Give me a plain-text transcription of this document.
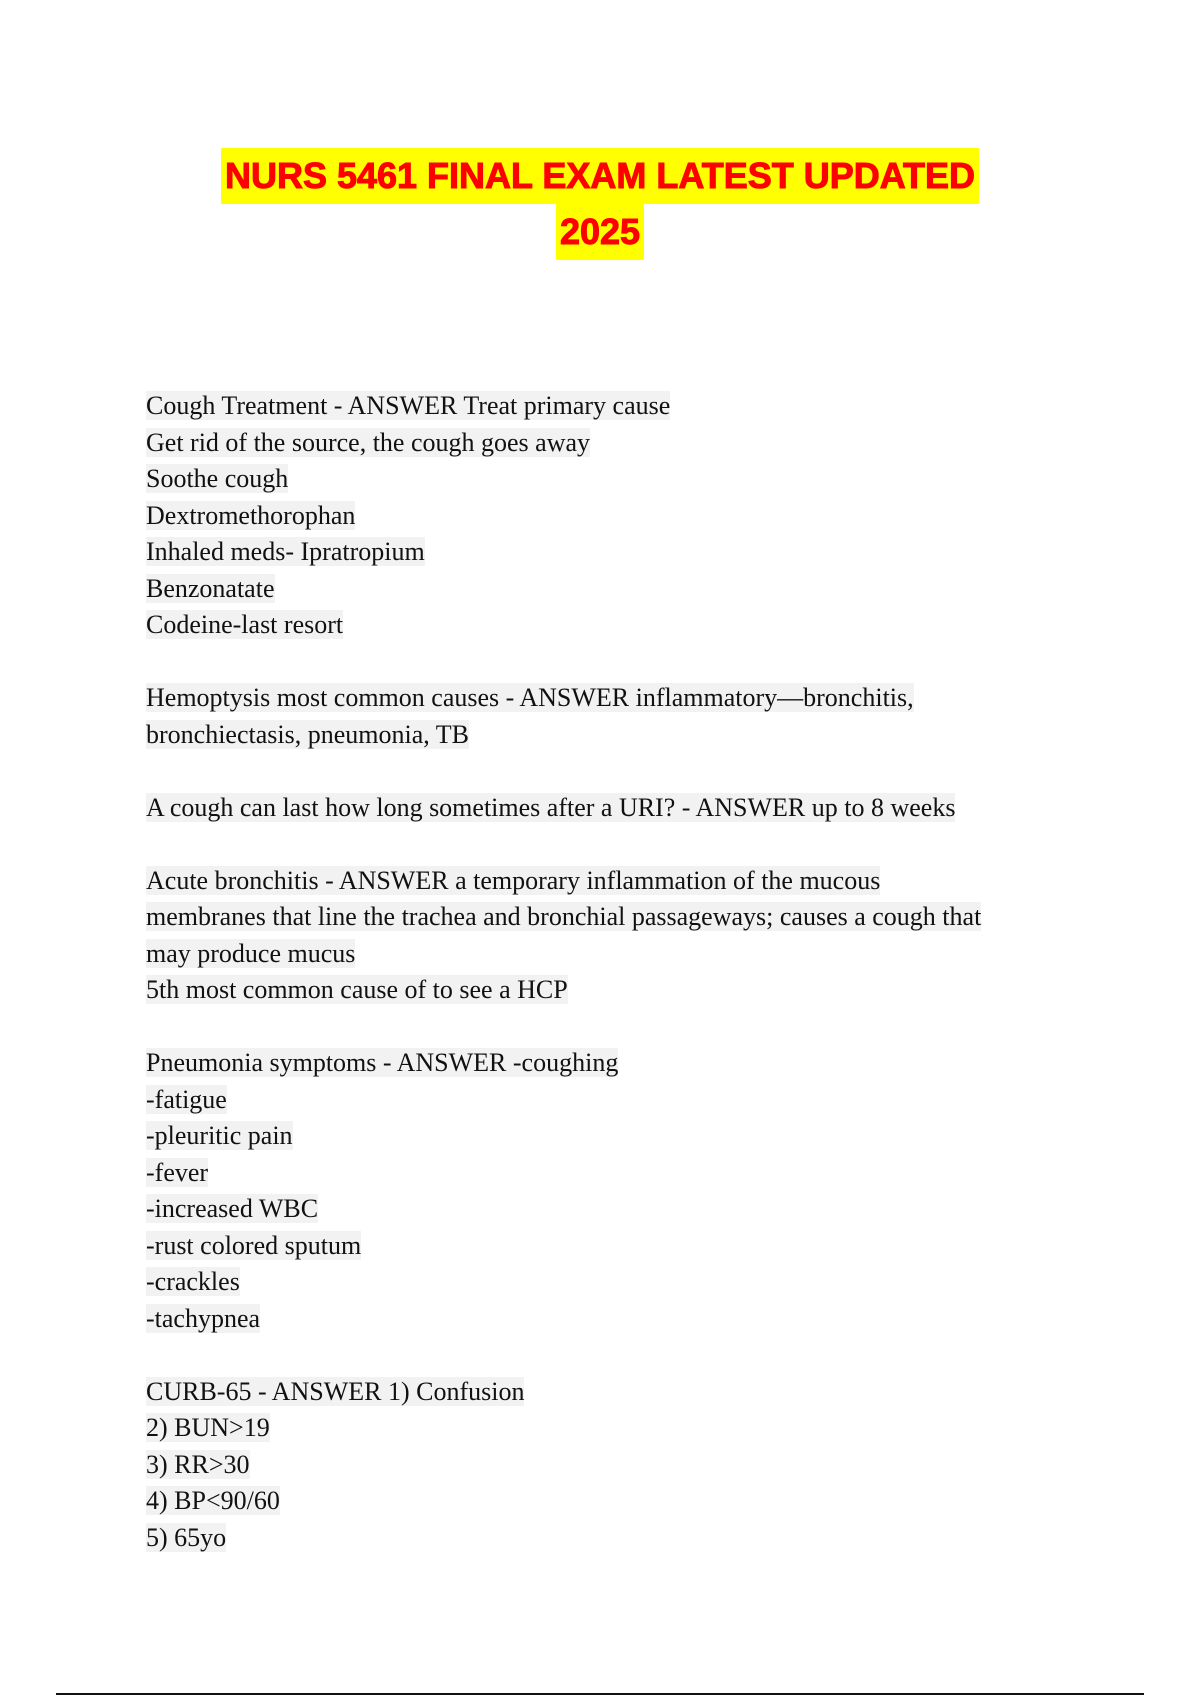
NURS 5461 FINAL EXAM LATEST UPDATED
2025
Cough Treatment - ANSWER Treat primary cause
Get rid of the source, the cough goes away
Soothe cough
Dextromethorophan
Inhaled meds- Ipratropium
Benzonatate
Codeine-last resort
Hemoptysis most common causes - ANSWER inflammatory—bronchitis,
bronchiectasis, pneumonia, TB
A cough can last how long sometimes after a URI? - ANSWER up to 8 weeks
Acute bronchitis - ANSWER a temporary inflammation of the mucous
membranes that line the trachea and bronchial passageways; causes a cough that
may produce mucus
5th most common cause of to see a HCP
Pneumonia symptoms - ANSWER -coughing
-fatigue
-pleuritic pain
-fever
-increased WBC
-rust colored sputum
-crackles
-tachypnea
CURB-65 - ANSWER 1) Confusion
2) BUN>19
3) RR>30
4) BP<90/60
5) 65yo
